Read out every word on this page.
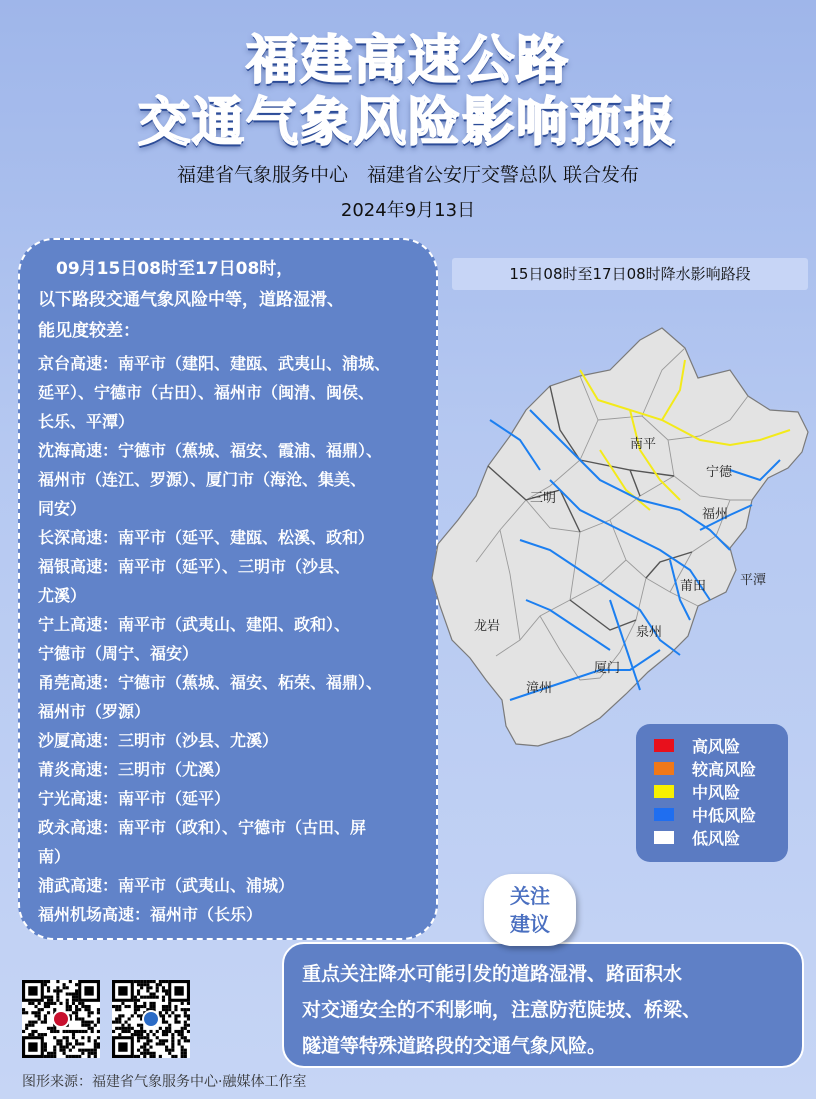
福建高速公路
交通气象风险影响预报
福建省气象服务中心　福建省公安厅交警总队 联合发布
2024年9月13日
09月15日08时至17日08时，
以下路段交通气象风险中等，道路湿滑、
能见度较差：
京台高速：南平市（建阳、建瓯、武夷山、浦城、
延平）、宁德市（古田）、福州市（闽清、闽侯、
长乐、平潭）
沈海高速：宁德市（蕉城、福安、霞浦、福鼎）、
福州市（连江、罗源）、厦门市（海沧、集美、
同安）
长深高速：南平市（延平、建瓯、松溪、政和）
福银高速：南平市（延平）、三明市（沙县、
尤溪）
宁上高速：南平市（武夷山、建阳、政和）、
宁德市（周宁、福安）
甬莞高速：宁德市（蕉城、福安、柘荣、福鼎）、
福州市（罗源）
沙厦高速：三明市（沙县、尤溪）
莆炎高速：三明市（尤溪）
宁光高速：南平市（延平）
政永高速：南平市（政和）、宁德市（古田、屏
南）
浦武高速：南平市（武夷山、浦城）
福州机场高速：福州市（长乐）
15日08时至17日08时降水影响路段
南平
宁德
三明
福州
莆田	平潭
龙岩	泉州
厦门
漳州
高风险
较高风险
中风险
中低风险
低风险
关注
建议
重点关注降水可能引发的道路湿滑、路面积水
对交通安全的不利影响，注意防范陡坡、桥梁、
隧道等特殊道路段的交通气象风险。
图形来源：福建省气象服务中心·融媒体工作室
